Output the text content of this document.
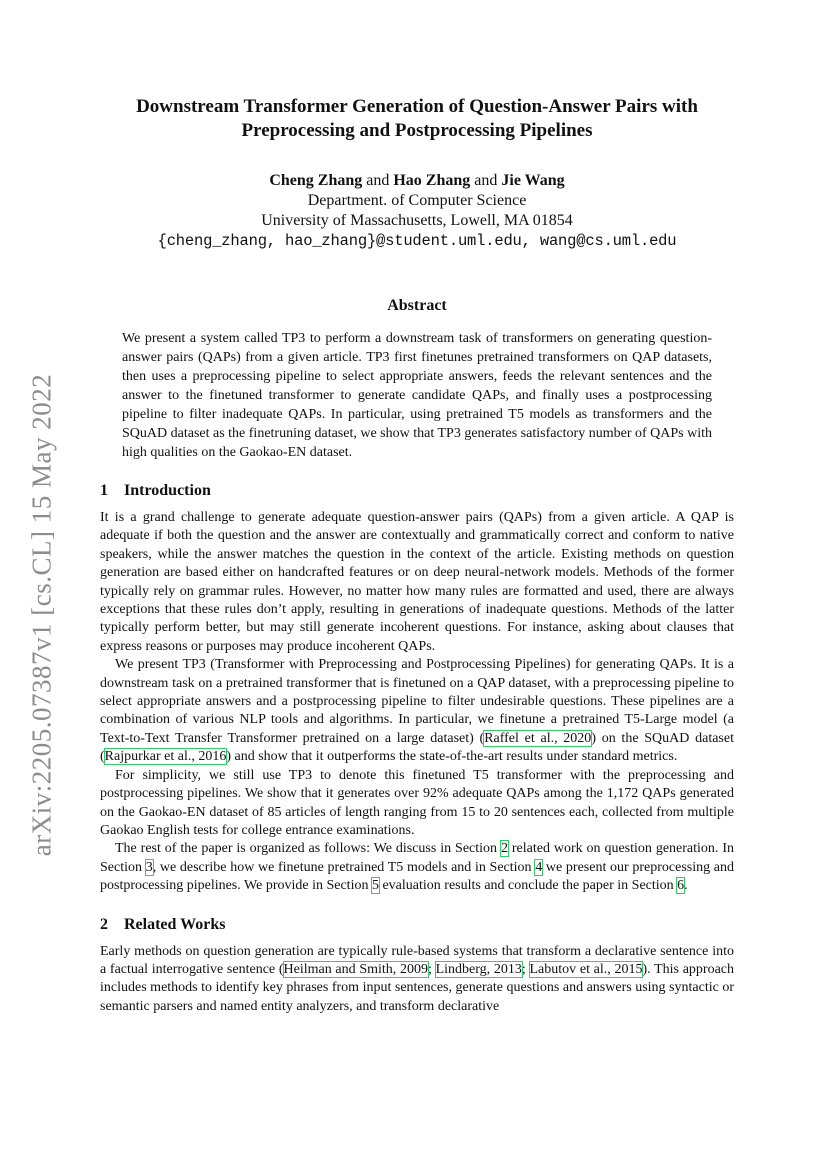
arXiv:2205.07387v1 [cs.CL] 15 May 2022
Downstream Transformer Generation of Question-Answer Pairs with
Preprocessing and Postprocessing Pipelines
Cheng Zhang and Hao Zhang and Jie Wang
Department. of Computer Science
University of Massachusetts, Lowell, MA 01854
{cheng_zhang, hao_zhang}@student.uml.edu, wang@cs.uml.edu
Abstract

We present a system called TP3 to perform a downstream task of transformers on generating question-answer pairs (QAPs) from a given article. TP3 first finetunes pretrained transformers on QAP datasets, then uses a preprocessing pipeline to select appropriate answers, feeds the relevant sentences and the answer to the finetuned transformer to generate candidate QAPs, and finally uses a postprocessing pipeline to filter inadequate QAPs. In particular, using pretrained T5 models as transformers and the SQuAD dataset as the finetruning dataset, we show that TP3 generates satisfactory number of QAPs with high qualities on the Gaokao-EN dataset.

1 Introduction

It is a grand challenge to generate adequate question-answer pairs (QAPs) from a given article. A QAP is adequate if both the question and the answer are contextually and grammatically correct and conform to native speakers, while the answer matches the question in the context of the article. Existing methods on question generation are based either on handcrafted features or on deep neural-network models. Methods of the former typically rely on grammar rules. However, no matter how many rules are formatted and used, there are always exceptions that these rules don’t apply, resulting in generations of inadequate questions. Methods of the latter typically perform better, but may still generate incoherent questions. For instance, asking about clauses that express reasons or purposes may produce incoherent QAPs.

We present TP3 (Transformer with Preprocessing and Postprocessing Pipelines) for generating QAPs. It is a downstream task on a pretrained transformer that is finetuned on a QAP dataset, with a preprocessing pipeline to select appropriate answers and a postprocessing pipeline to filter undesirable questions. These pipelines are a combination of various NLP tools and algorithms. In particular, we finetune a pretrained T5-Large model (a Text-to-Text Transfer Transformer pretrained on a large dataset) (Raffel et al., 2020) on the SQuAD dataset (Rajpurkar et al., 2016) and show that it outperforms the state-of-the-art results under standard metrics.

For simplicity, we still use TP3 to denote this finetuned T5 transformer with the preprocessing and postprocessing pipelines. We show that it generates over 92% adequate QAPs among the 1,172 QAPs generated on the Gaokao-EN dataset of 85 articles of length ranging from 15 to 20 sentences each, collected from multiple Gaokao English tests for college entrance examinations.

The rest of the paper is organized as follows: We discuss in Section 2 related work on question generation. In Section 3, we describe how we finetune pretrained T5 models and in Section 4 we present our preprocessing and postprocessing pipelines. We provide in Section 5 evaluation results and conclude the paper in Section 6.

2 Related Works

Early methods on question generation are typically rule-based systems that transform a declarative sentence into a factual interrogative sentence (Heilman and Smith, 2009; Lindberg, 2013; Labutov et al., 2015). This approach includes methods to identify key phrases from input sentences, generate questions and answers using syntactic or semantic parsers and named entity analyzers, and transform declarative
